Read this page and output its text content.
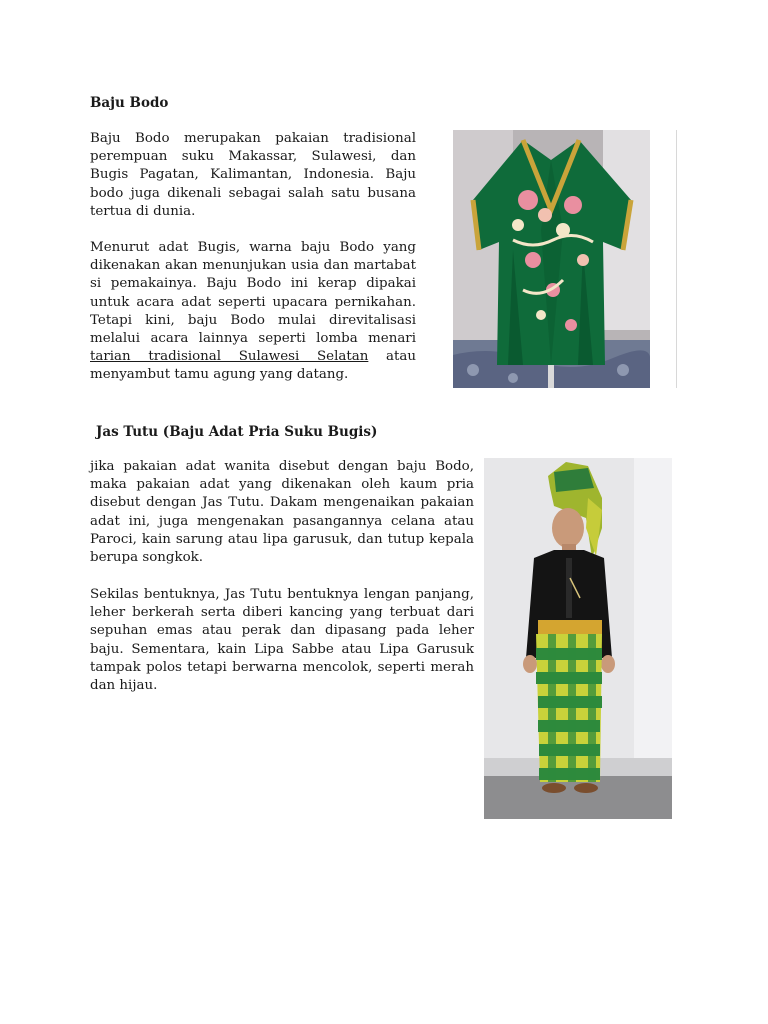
Baju Bodo

Baju Bodo merupakan pakaian tradisional perempuan suku Makassar, Sulawesi, dan Bugis Pagatan, Kalimantan, Indonesia. Baju bodo juga dikenali sebagai salah satu busana tertua di dunia.

Menurut adat Bugis, warna baju Bodo yang dikenakan akan menunjukan usia dan martabat si pemakainya. Baju Bodo ini kerap dipakai untuk acara adat seperti upacara pernikahan. Tetapi kini, baju Bodo mulai direvitalisasi melalui acara lainnya seperti lomba menari tarian tradisional Sulawesi Selatan atau menyambut tamu agung yang datang.

Jas Tutu (Baju Adat Pria Suku Bugis)

jika pakaian adat wanita disebut dengan baju Bodo, maka pakaian adat yang dikenakan oleh kaum pria disebut dengan Jas Tutu. Dakam mengenaikan pakaian adat ini, juga mengenakan pasangannya celana atau Paroci, kain sarung atau lipa garusuk, dan tutup kepala berupa songkok.

Sekilas bentuknya, Jas Tutu bentuknya lengan panjang, leher berkerah serta diberi kancing yang terbuat dari sepuhan emas atau perak dan dipasang pada leher baju. Sementara, kain Lipa Sabbe atau Lipa Garusuk tampak polos tetapi berwarna mencolok, seperti merah dan hijau.
